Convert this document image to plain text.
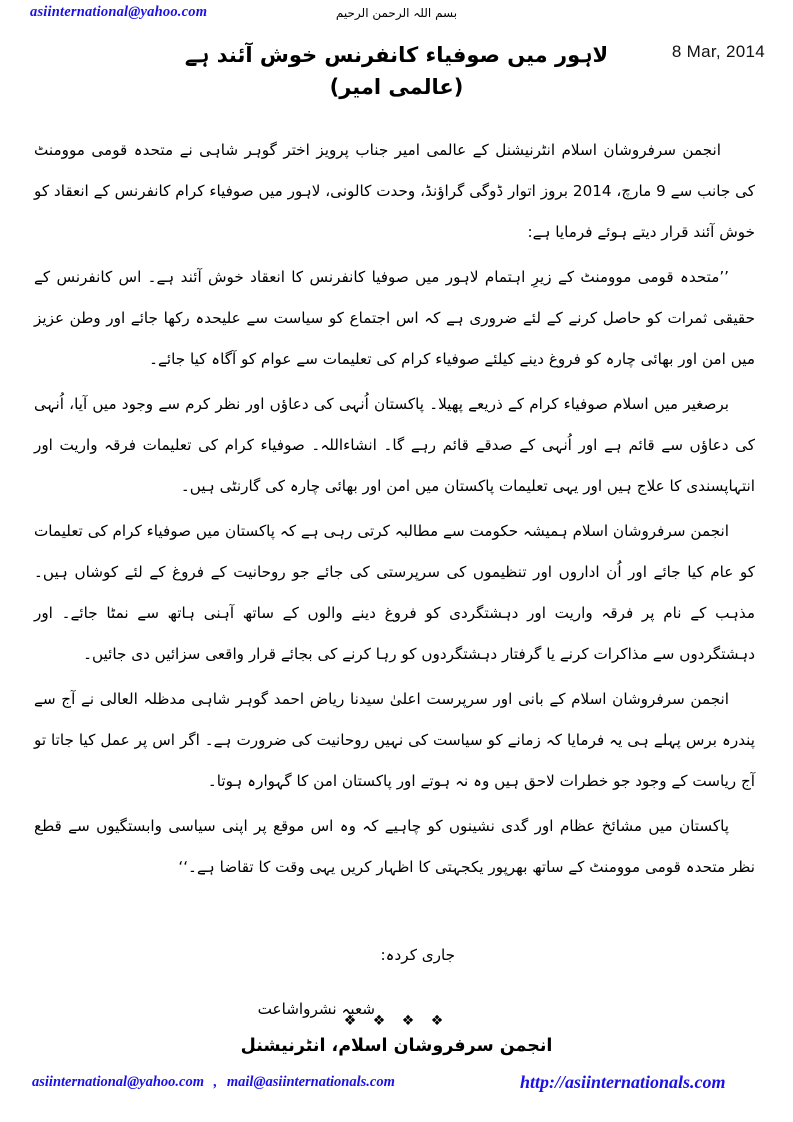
asiinternational@yahoo.com	بسم اللہ الرحمن الرحیم
8 Mar, 2014
لاہور میں صوفیاء کانفرنس خوش آئند ہے (عالمی امیر)

انجمن سرفروشان اسلام انٹرنیشنل کے عالمی امیر جناب پرویز اختر گوہر شاہی نے متحدہ قومی موومنٹ کی جانب سے 9 مارچ، 2014 بروز اتوار ڈوگی گراؤنڈ، وحدت کالونی، لاہور میں صوفیاء کرام کانفرنس کے انعقاد کو خوش آئند قرار دیتے ہوئے فرمایا ہے:

’’متحدہ قومی موومنٹ کے زیرِ اہتمام لاہور میں صوفیا کانفرنس کا انعقاد خوش آئند ہے۔ اس کانفرنس کے حقیقی ثمرات کو حاصل کرنے کے لئے ضروری ہے کہ اس اجتماع کو سیاست سے علیحدہ رکھا جائے اور وطن عزیز میں امن اور بھائی چارہ کو فروغ دینے کیلئے صوفیاء کرام کی تعلیمات سے عوام کو آگاہ کیا جائے۔

برصغیر میں اسلام صوفیاء کرام کے ذریعے پھیلا۔ پاکستان اُنہی کی دعاؤں اور نظر کرم سے وجود میں آیا، اُنہی کی دعاؤں سے قائم ہے اور اُنہی کے صدقے قائم رہے گا۔ انشاءاللہ۔ صوفیاء کرام کی تعلیمات فرقہ واریت اور انتہاپسندی کا علاج ہیں اور یہی تعلیمات پاکستان میں امن اور بھائی چارہ کی گارنٹی ہیں۔

انجمن سرفروشان اسلام ہمیشہ حکومت سے مطالبہ کرتی رہی ہے کہ پاکستان میں صوفیاء کرام کی تعلیمات کو عام کیا جائے اور اُن اداروں اور تنظیموں کی سرپرستی کی جائے جو روحانیت کے فروغ کے لئے کوشاں ہیں۔ مذہب کے نام پر فرقہ واریت اور دہشتگردی کو فروغ دینے والوں کے ساتھ آہنی ہاتھ سے نمٹا جائے۔ اور دہشتگردوں سے مذاکرات کرنے یا گرفتار دہشتگردوں کو رہا کرنے کی بجائے قرار واقعی سزائیں دی جائیں۔

انجمن سرفروشان اسلام کے بانی اور سرپرست اعلیٰ سیدنا ریاض احمد گوہر شاہی مدظلہ العالی نے آج سے پندرہ برس پہلے ہی یہ فرمایا کہ زمانے کو سیاست کی نہیں روحانیت کی ضرورت ہے۔ اگر اس پر عمل کیا جاتا تو آج ریاست کے وجود جو خطرات لاحق ہیں وہ نہ ہوتے اور پاکستان امن کا گہوارہ ہوتا۔

پاکستان میں مشائخ عظام اور گدی نشینوں کو چاہیے کہ وہ اس موقع پر اپنی سیاسی وابستگیوں سے قطع نظر متحدہ قومی موومنٹ کے ساتھ بھرپور یکجہتی کا اظہار کریں یہی وقت کا تقاضا ہے۔‘‘

جاری کردہ:
شعبہ نشرواشاعت
❖ ❖ ❖ ❖
انجمن سرفروشان اسلام، انٹرنیشنل
asiinternational@yahoo.com , mail@asiinternationals.com	http://asiinternationals.com
